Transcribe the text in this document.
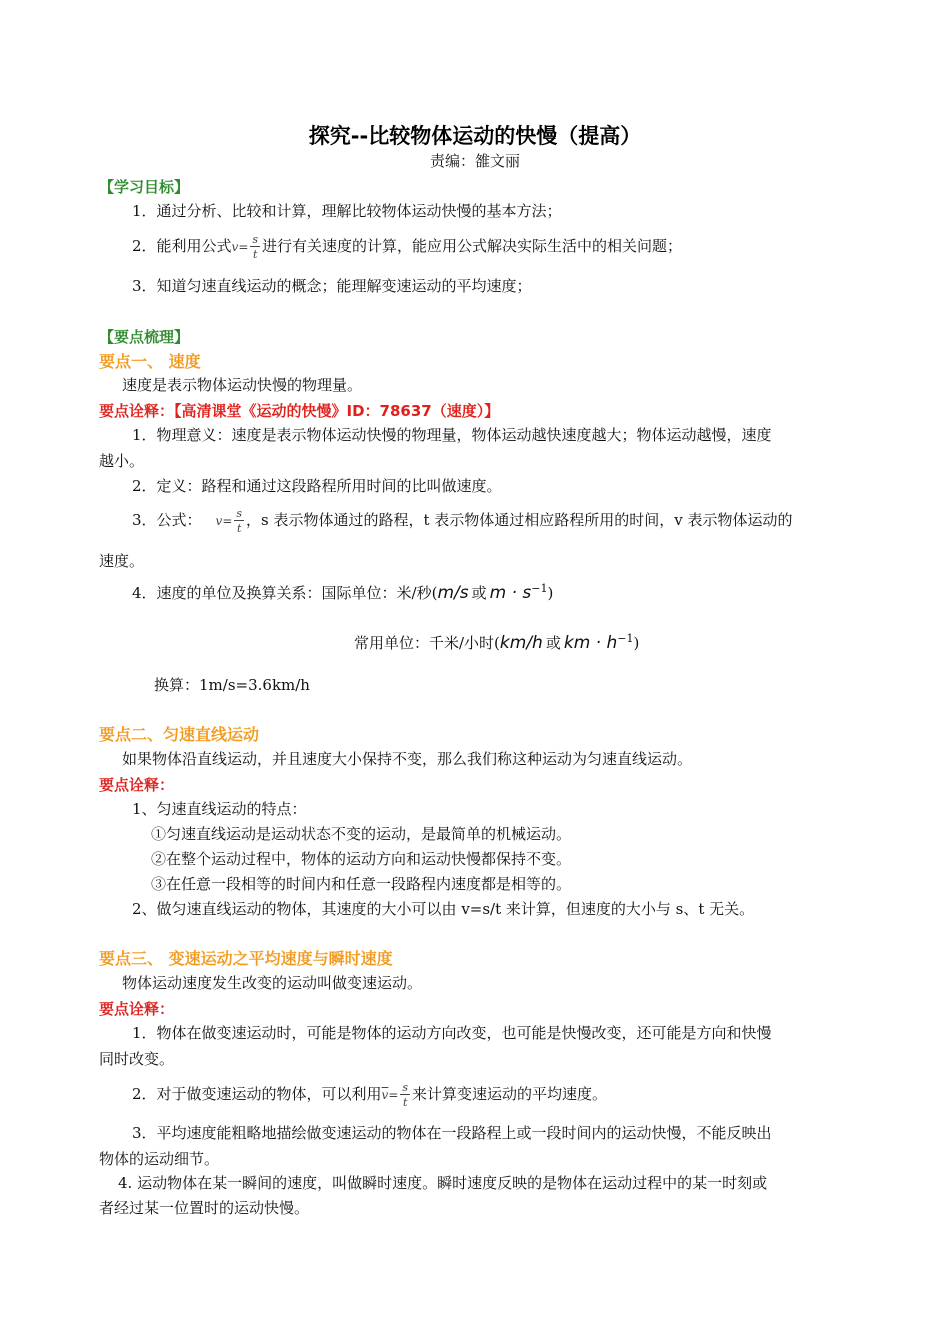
探究--比较物体运动的快慢（提高）
责编：雒文丽
【学习目标】
1．通过分析、比较和计算，理解比较物体运动快慢的基本方法；
2．能利用公式$v= \frac{s}{t}$ 进行有关速度的计算，能应用公式解决实际生活中的相关问题；
3．知道匀速直线运动的概念；能理解变速运动的平均速度；
【要点梳理】
要点一、 速度
速度是表示物体运动快慢的物理量。
要点诠释：【高清课堂《运动的快慢》ID：78637（速度）】
1．物理意义：速度是表示物体运动快慢的物理量，物体运动越快速度越大；物体运动越慢，速度
越小。
2．定义：路程和通过这段路程所用时间的比叫做速度。
3．公式： $v= \frac{s}{t}$ ，s 表示物体通过的路程，t 表示物体通过相应路程所用的时间，v 表示物体运动的
速度。
4．速度的单位及换算关系：国际单位：米/秒(m/s 或 $m \cdot s^{-1}$)
常用单位：千米/小时(km/h 或 km · $h^{-1}$)
换算：1m/s=3.6km/h
要点二、匀速直线运动
如果物体沿直线运动，并且速度大小保持不变，那么我们称这种运动为匀速直线运动。
要点诠释：
1、匀速直线运动的特点：
①匀速直线运动是运动状态不变的运动，是最简单的机械运动。
②在整个运动过程中，物体的运动方向和运动快慢都保持不变。
③在任意一段相等的时间内和任意一段路程内速度都是相等的。
2、做匀速直线运动的物体，其速度的大小可以由 v=s/t 来计算，但速度的大小与 s、t 无关。
要点三、 变速运动之平均速度与瞬时速度
物体运动速度发生改变的运动叫做变速运动。
要点诠释：
1．物体在做变速运动时，可能是物体的运动方向改变，也可能是快慢改变，还可能是方向和快慢
同时改变。
2．对于做变速运动的物体，可以利用$\overline{v}= \frac{s}{t}$ 来计算变速运动的平均速度。
3．平均速度能粗略地描绘做变速运动的物体在一段路程上或一段时间内的运动快慢，不能反映出
物体的运动细节。
4. 运动物体在某一瞬间的速度，叫做瞬时速度。瞬时速度反映的是物体在运动过程中的某一时刻或
者经过某一位置时的运动快慢。
